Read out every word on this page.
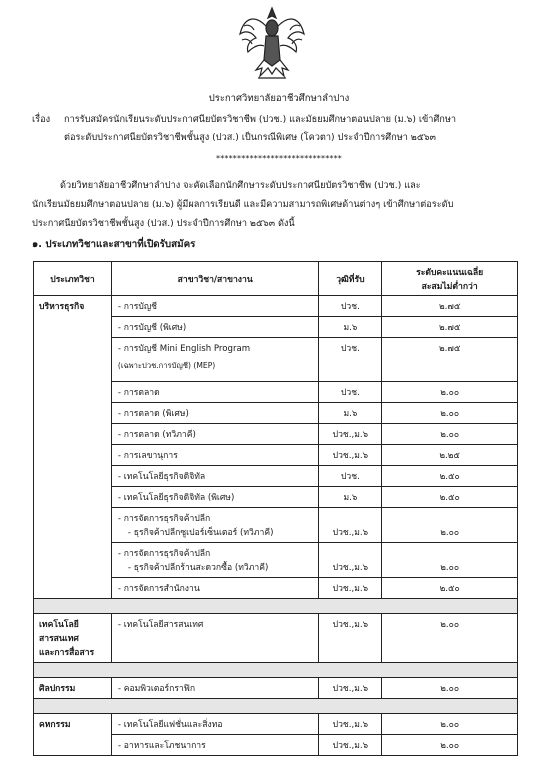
ประกาศวิทยาลัยอาชีวศึกษาลำปาง
เรื่อง การรับสมัครนักเรียนระดับประกาศนียบัตรวิชาชีพ (ปวช.) และมัธยมศึกษาตอนปลาย (ม.๖) เข้าศึกษา
ต่อระดับประกาศนียบัตรวิชาชีพชั้นสูง (ปวส.) เป็นกรณีพิเศษ (โควตา) ประจำปีการศึกษา ๒๕๖๓
******************************
ด้วยวิทยาลัยอาชีวศึกษาลำปาง จะคัดเลือกนักศึกษาระดับประกาศนียบัตรวิชาชีพ (ปวช.) และ
นักเรียนมัธยมศึกษาตอนปลาย (ม.๖) ผู้มีผลการเรียนดี และมีความสามารถพิเศษด้านต่างๆ เข้าศึกษาต่อระดับ
ประกาศนียบัตรวิชาชีพชั้นสูง (ปวส.) ประจำปีการศึกษา ๒๕๖๓ ดังนี้
๑. ประเภทวิชาและสาขาที่เปิดรับสมัคร
ประเภทวิชา	สาขาวิชา/สาขางาน	วุฒิที่รับ	ระดับคะแนนเฉลี่ย
สะสมไม่ต่ำกว่า
บริหารธุรกิจ	- การบัญชี	ปวช.	๒.๗๕
	- การบัญชี (พิเศษ)	ม.๖	๒.๗๕
	- การบัญชี Mini English Program
(เฉพาะปวช.การบัญชี) (MEP)	ปวช.	๒.๗๕
	- การตลาด	ปวช.	๒.๐๐
	- การตลาด (พิเศษ)	ม.๖	๒.๐๐
	- การตลาด (ทวิภาคี)	ปวช.,ม.๖	๒.๐๐
	- การเลขานุการ	ปวช.,ม.๖	๒.๒๕
	- เทคโนโลยีธุรกิจดิจิทัล	ปวช.	๒.๕๐
	- เทคโนโลยีธุรกิจดิจิทัล (พิเศษ)	ม.๖	๒.๕๐
	- การจัดการธุรกิจค้าปลีก
- ธุรกิจค้าปลีกซูเปอร์เซ็นเตอร์ (ทวิภาคี)	ปวช.,ม.๖	๒.๐๐
	- การจัดการธุรกิจค้าปลีก
- ธุรกิจค้าปลีกร้านสะดวกซื้อ (ทวิภาคี)	ปวช.,ม.๖	๒.๐๐
	- การจัดการสำนักงาน	ปวช.,ม.๖	๒.๕๐

เทคโนโลยีสารสนเทศ
และการสื่อสาร	- เทคโนโลยีสารสนเทศ	ปวช.,ม.๖	๒.๐๐

ศิลปกรรม	- คอมพิวเตอร์กราฟิก	ปวช.,ม.๖	๒.๐๐

คหกรรม	- เทคโนโลยีแฟชั่นและสิ่งทอ	ปวช.,ม.๖	๒.๐๐
	- อาหารและโภชนาการ	ปวช.,ม.๖	๒.๐๐
